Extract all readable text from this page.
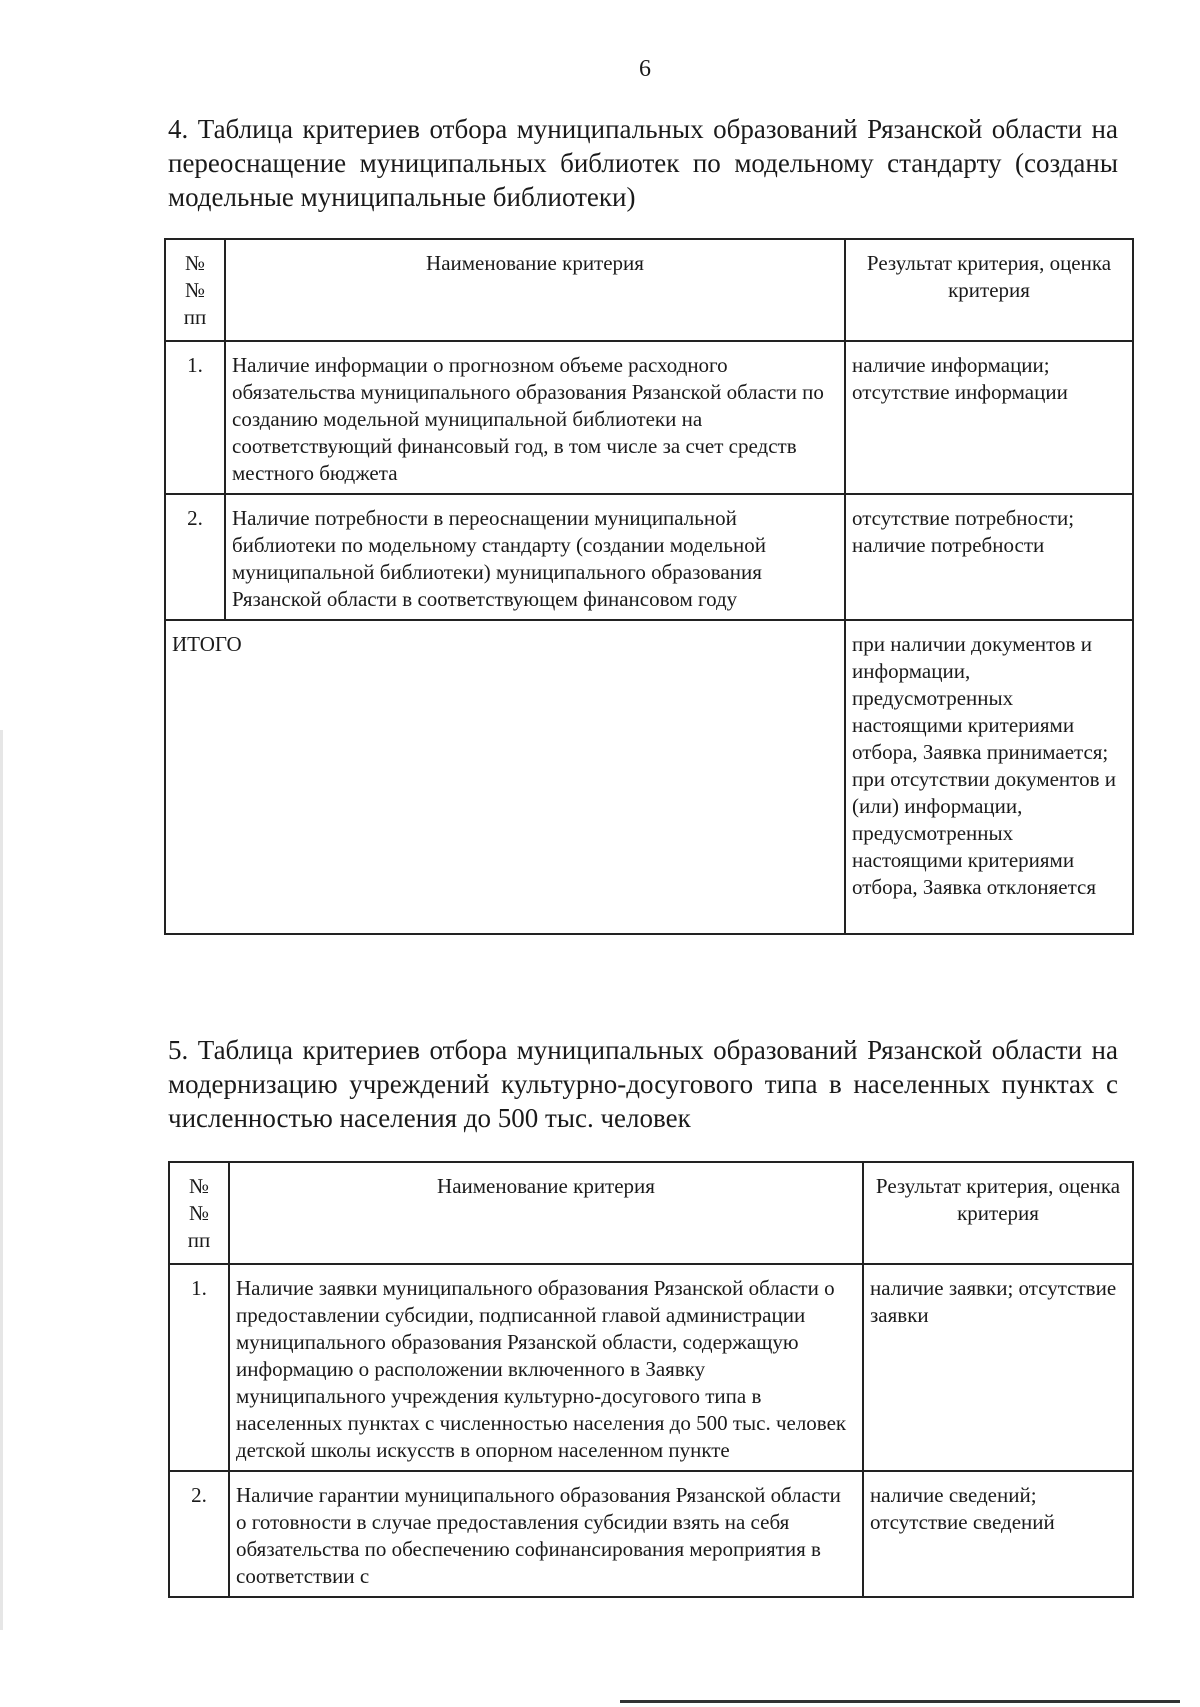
6
4. Таблица критериев отбора муниципальных образований Рязанской области на переоснащение муниципальных библиотек по модельному стандарту (созданы модельные муниципальные библиотеки)
№
№
пп	Наименование критерия	Результат критерия, оценка критерия
1.	Наличие информации о прогнозном объеме расходного обязательства муниципального образования Рязанской области по созданию модельной муниципальной библиотеки на соответствующий финансовый год, в том числе за счет средств местного бюджета	наличие информации; отсутствие информации
2.	Наличие потребности в переоснащении муниципальной библиотеки по модельному стандарту (создании модельной муниципальной библиотеки) муниципального образования Рязанской области в соответствующем финансовом году	отсутствие потребности; наличие потребности
ИТОГО		при наличии документов и информации, предусмотренных настоящими критериями отбора, Заявка принимается; при отсутствии документов и (или) информации, предусмотренных настоящими критериями отбора, Заявка отклоняется
5. Таблица критериев отбора муниципальных образований Рязанской области на модернизацию учреждений культурно-досугового типа в населенных пунктах с численностью населения до 500 тыс. человек
№
№
пп	Наименование критерия	Результат критерия, оценка критерия
1.	Наличие заявки муниципального образования Рязанской области о предоставлении субсидии, подписанной главой администрации муниципального образования Рязанской области, содержащую информацию о расположении включенного в Заявку муниципального учреждения культурно-досугового типа в населенных пунктах с численностью населения до 500 тыс. человек детской школы искусств в опорном населенном пункте	наличие заявки; отсутствие заявки
2.	Наличие гарантии муниципального образования Рязанской области о готовности в случае предоставления субсидии взять на себя обязательства по обеспечению софинансирования мероприятия в соответствии с	наличие сведений; отсутствие сведений
